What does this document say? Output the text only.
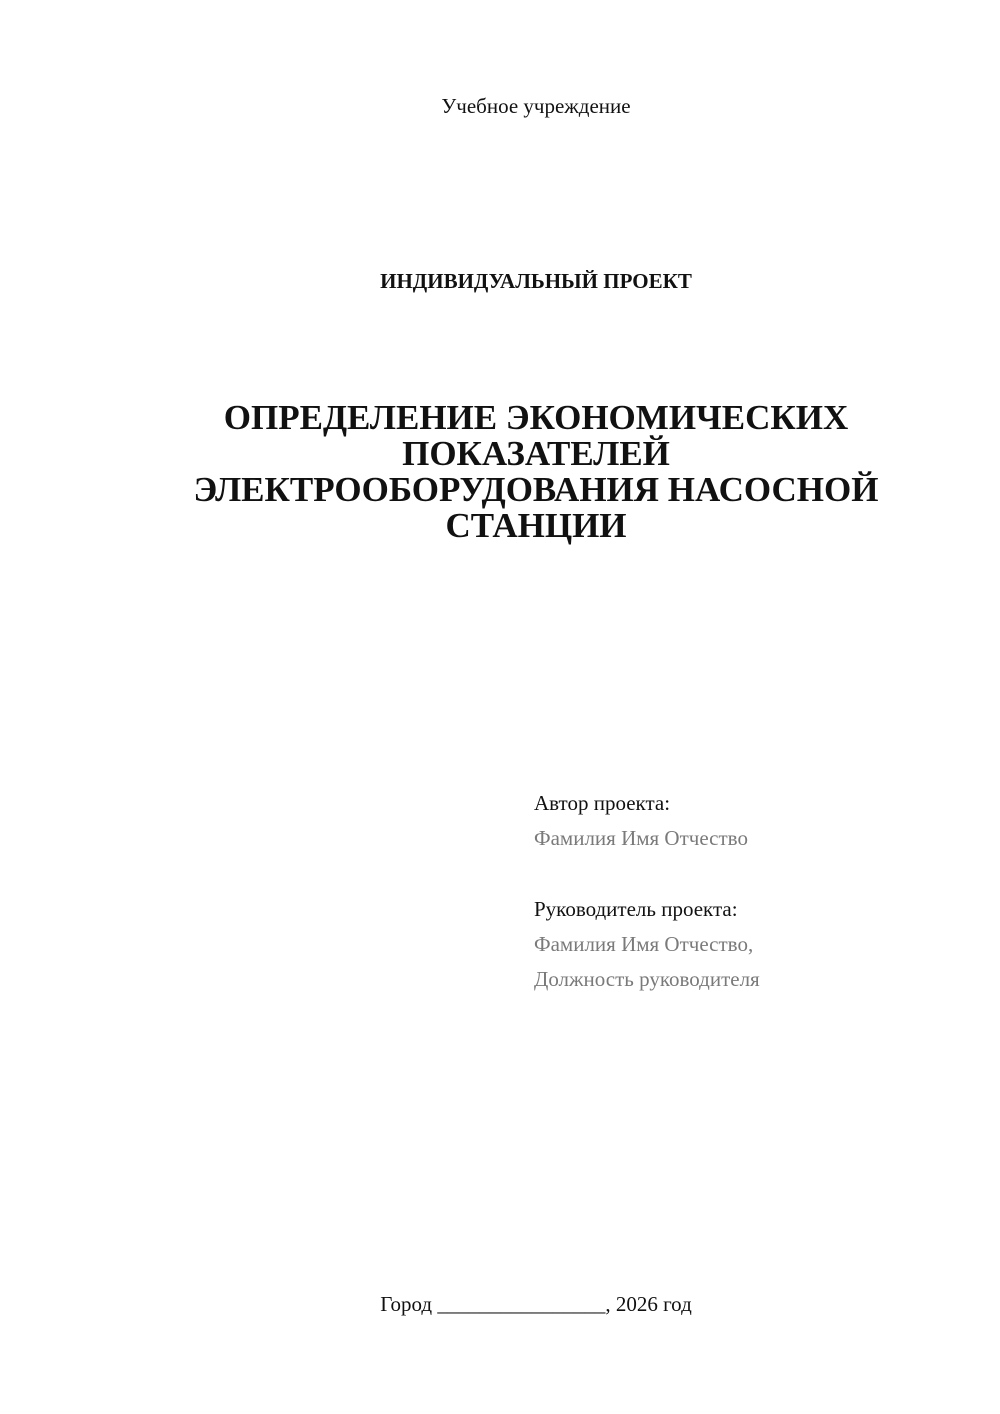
Учебное учреждение
ИНДИВИДУАЛЬНЫЙ ПРОЕКТ
ОПРЕДЕЛЕНИЕ ЭКОНОМИЧЕСКИХ
ПОКАЗАТЕЛЕЙ
ЭЛЕКТРООБОРУДОВАНИЯ НАСОСНОЙ
СТАНЦИИ
Автор проекта:
Фамилия Имя Отчество
Руководитель проекта:
Фамилия Имя Отчество,
Должность руководителя
Город ________________, 2026 год
